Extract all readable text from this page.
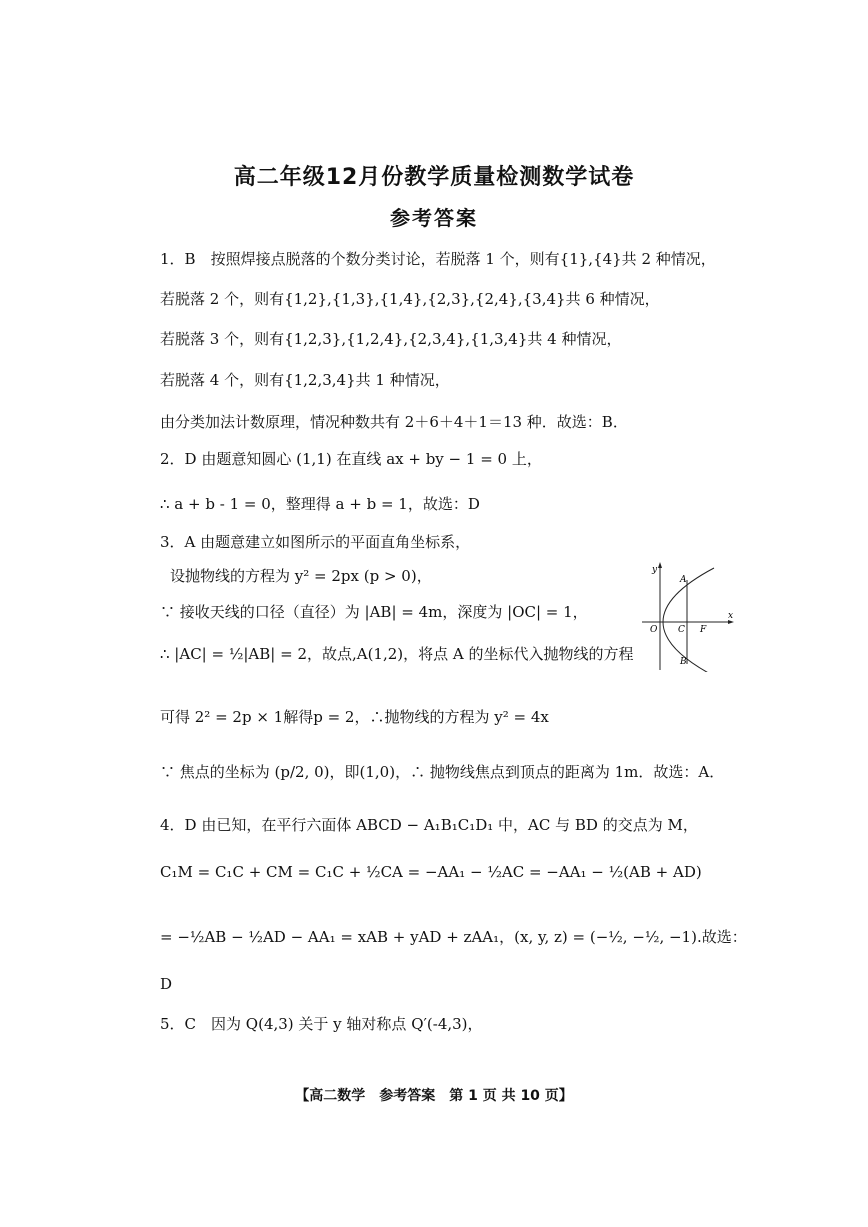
高二年级12月份教学质量检测数学试卷
参考答案
1．B　按照焊接点脱落的个数分类讨论，若脱落 1 个，则有{1},{4}共 2 种情况，
若脱落 2 个，则有{1,2},{1,3},{1,4},{2,3},{2,4},{3,4}共 6 种情况，
若脱落 3 个，则有{1,2,3},{1,2,4},{2,3,4},{1,3,4}共 4 种情况，
若脱落 4 个，则有{1,2,3,4}共 1 种情况，
由分类加法计数原理，情况种数共有 2＋6＋4＋1＝13 种．故选：B．
2．D 由题意知圆心 (1,1) 在直线 ax + by − 1 = 0 上，
∴ a + b - 1 = 0，整理得 a + b = 1，故选：D
3．A 由题意建立如图所示的平面直角坐标系，
设抛物线的方程为 y² = 2px (p > 0)，
∵ 接收天线的口径（直径）为 |AB| = 4m，深度为 |OC| = 1，
∴ |AC| = ½|AB| = 2，故点,A(1,2)，将点 A 的坐标代入抛物线的方程
可得 2² = 2p × 1解得p = 2，∴抛物线的方程为 y² = 4x
∵ 焦点的坐标为 (p/2, 0)，即(1,0)，∴ 抛物线焦点到顶点的距离为 1m．故选：A．
4．D 由已知，在平行六面体 ABCD − A₁B₁C₁D₁ 中，AC 与 BD 的交点为 M，
C₁M = C₁C + CM = C₁C + ½CA = −AA₁ − ½AC = −AA₁ − ½(AB + AD)
= −½AB − ½AD − AA₁ = xAB + yAD + zAA₁，(x, y, z) = (−½, −½, −1).故选：
D
5．C　因为 Q(4,3) 关于 y 轴对称点 Q′(-4,3)，
y
x
O C F
A
B
【高二数学　参考答案　第 1 页 共 10 页】
